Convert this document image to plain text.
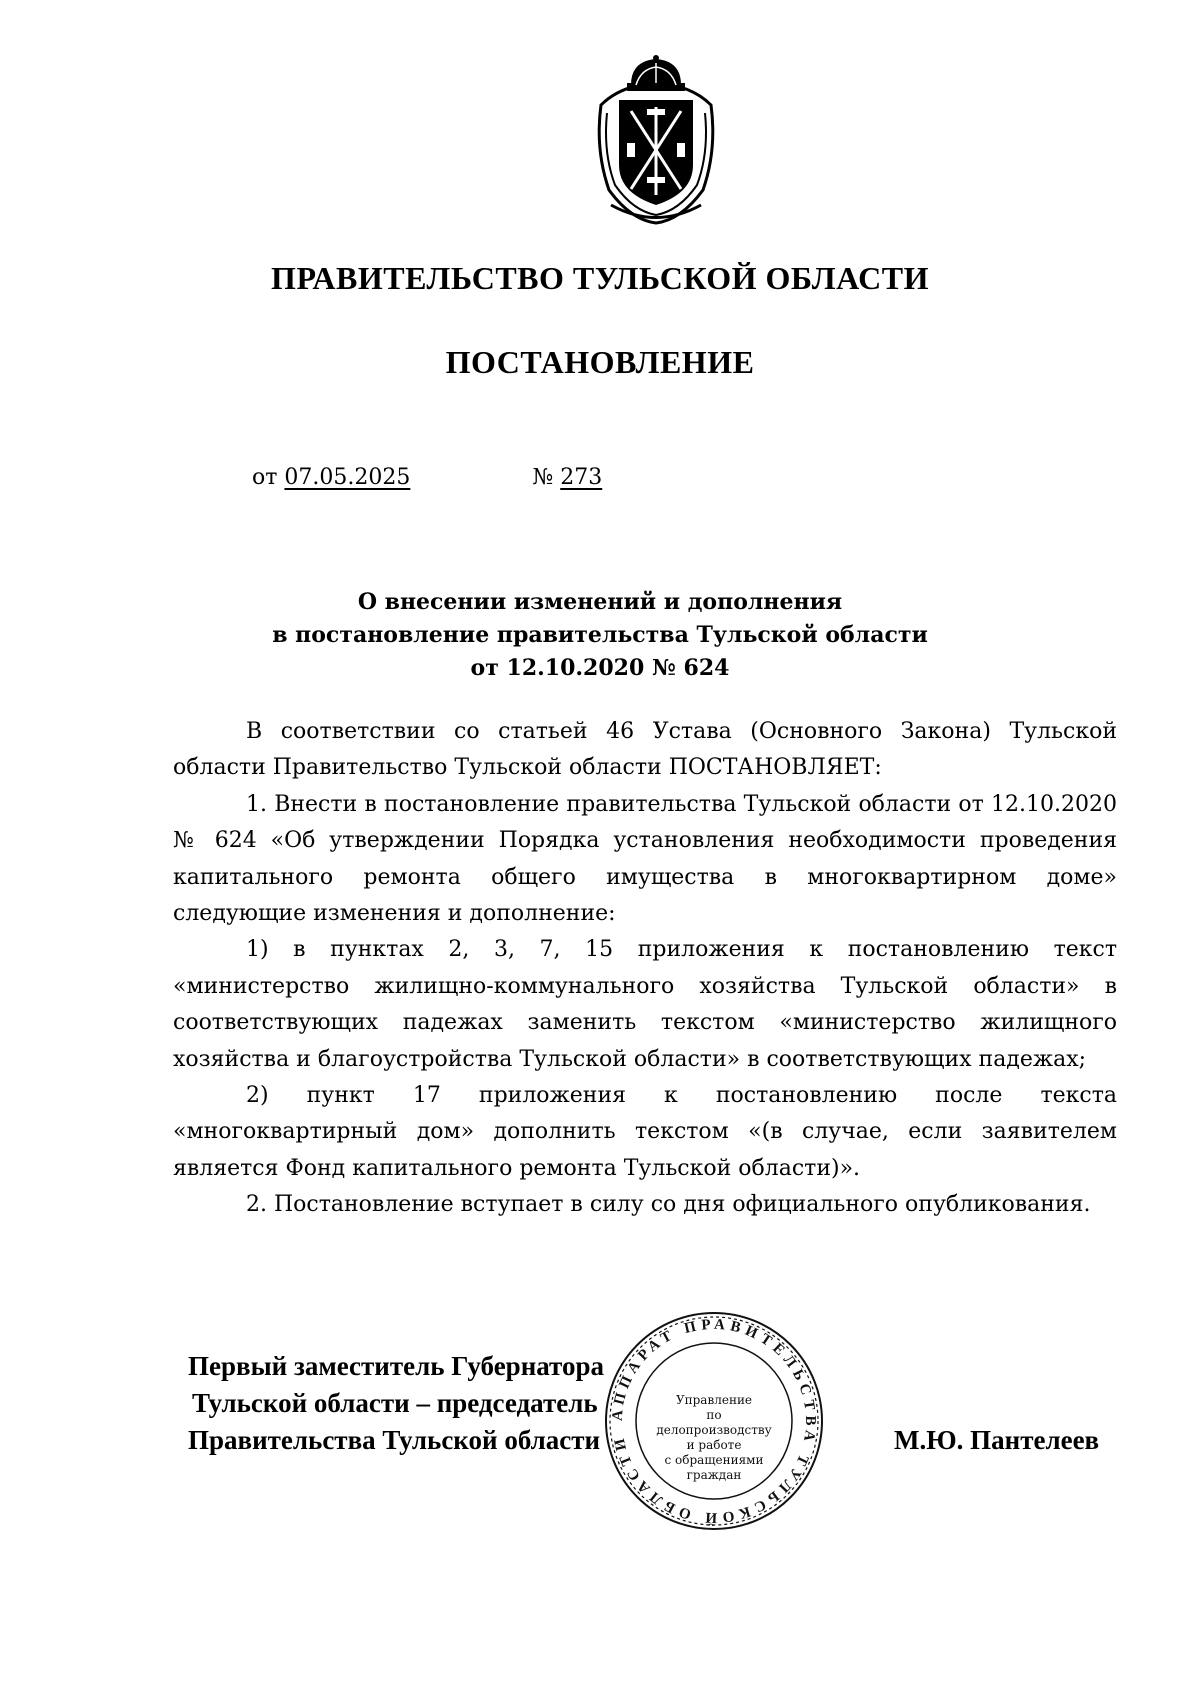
ПРАВИТЕЛЬСТВО ТУЛЬСКОЙ ОБЛАСТИ
ПОСТАНОВЛЕНИЕ
от 07.05.2025	№ 273
О внесении изменений и дополнения
в постановление правительства Тульской области
от 12.10.2020 № 624

В соответствии со статьей 46 Устава (Основного Закона) Тульской области Правительство Тульской области ПОСТАНОВЛЯЕТ:

1. Внести в постановление правительства Тульской области от 12.10.2020 № 624 «Об утверждении Порядка установления необходимости проведения капитального ремонта общего имущества в многоквартирном доме» следующие изменения и дополнение:

1) в пунктах 2, 3, 7, 15 приложения к постановлению текст «министерство жилищно-коммунального хозяйства Тульской области» в соответствующих падежах заменить текстом «министерство жилищного хозяйства и благоустройства Тульской области» в соответствующих падежах;

2) пункт 17 приложения к постановлению после текста «многоквартирный дом» дополнить текстом «(в случае, если заявителем является Фонд капитального ремонта Тульской области)».

2. Постановление вступает в силу со дня официального опубликования.

Первый заместитель Губернатора
Тульской области – председатель
Правительства Тульской области
АППАРАТ ПРАВИТЕЛЬСТВА ТУЛЬСКОЙ ОБЛАСТИ
Управление
по делопроизводству
и работе
с обращениями
граждан
М.Ю. Пантелеев
